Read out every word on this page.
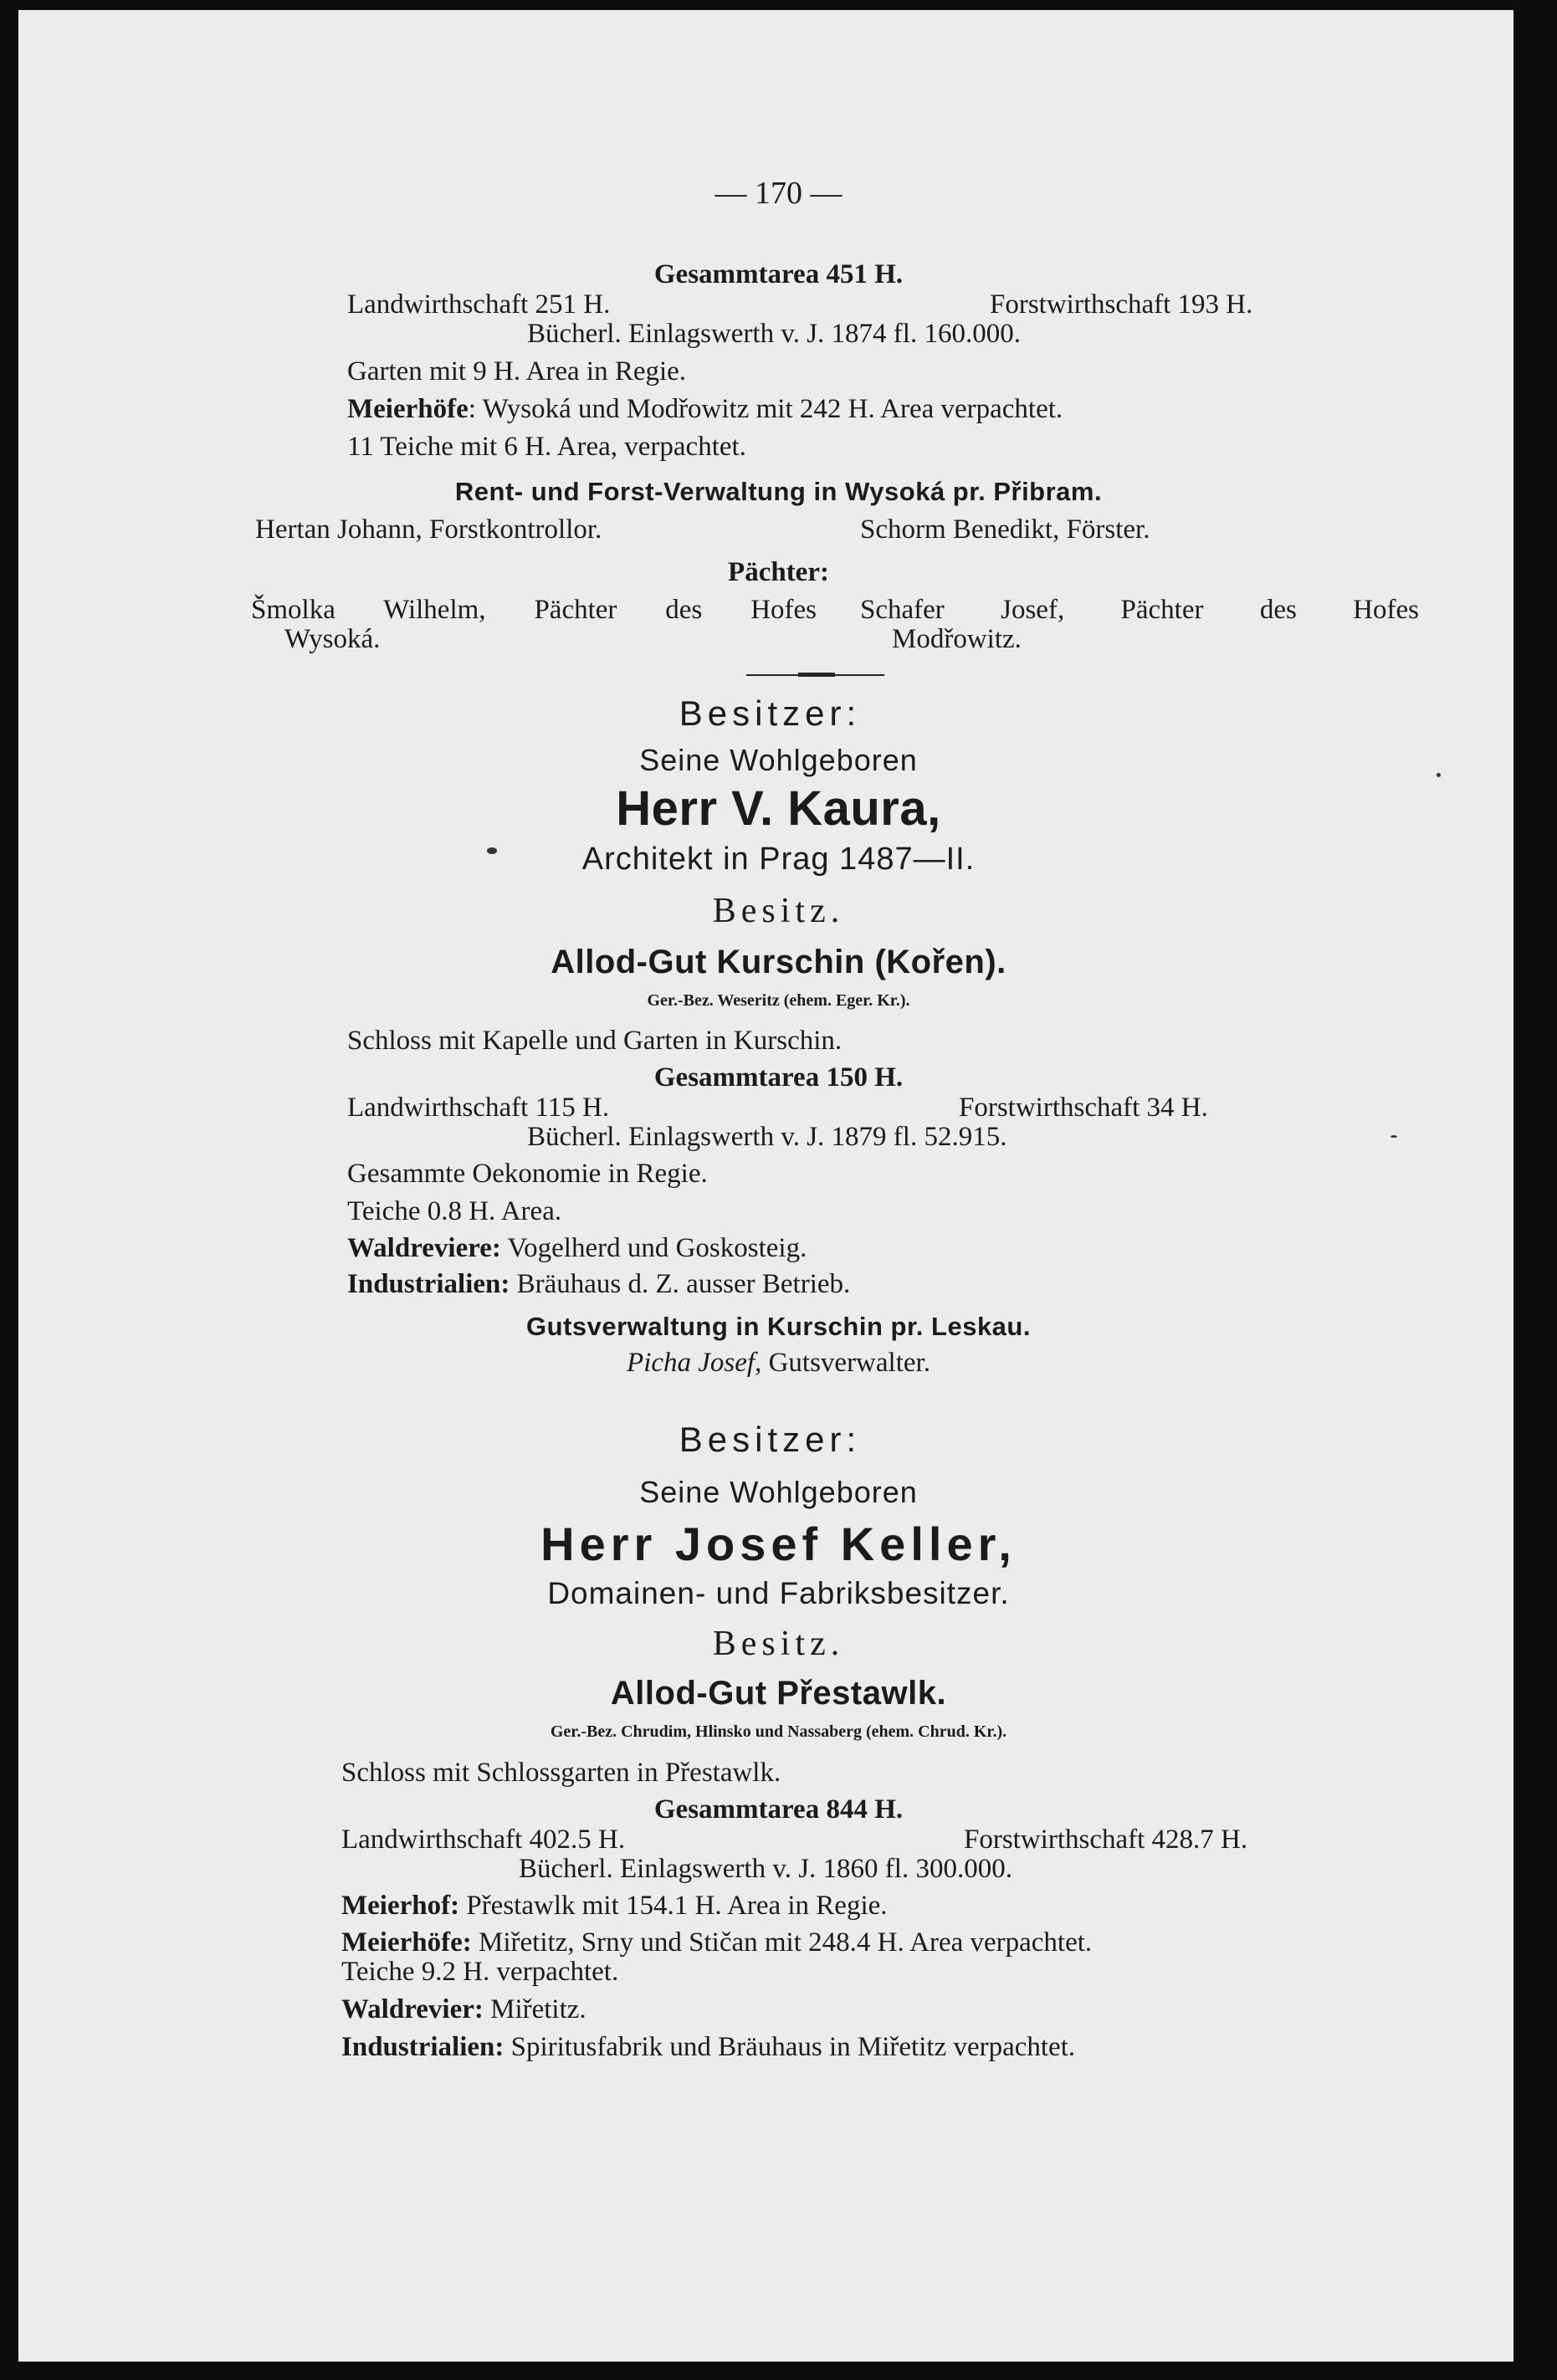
— 170 —
Gesammtarea 451 H.
Landwirthschaft 251 H.	Forstwirthschaft 193 H.
Bücherl. Einlagswerth v. J. 1874 fl. 160.000.
Garten mit 9 H. Area in Regie.
Meierhöfe: Wysoká und Modřowitz mit 242 H. Area verpachtet.
11 Teiche mit 6 H. Area, verpachtet.
Rent- und Forst-Verwaltung in Wysoká pr. Přibram.
Hertan Johann, Forstkontrollor.	Schorm Benedikt, Förster.
Pächter:
Šmolka Wilhelm, Pächter des Hofes
Wysoká.
Schafer Josef, Pächter des Hofes
Modřowitz.
Besitzer:
Seine Wohlgeboren
Herr V. Kaura,
Architekt in Prag 1487—II.
Besitz.
Allod-Gut Kurschin (Kořen).
Ger.-Bez. Weseritz (ehem. Eger. Kr.).
Schloss mit Kapelle und Garten in Kurschin.
Gesammtarea 150 H.
Landwirthschaft 115 H.	Forstwirthschaft 34 H.
Bücherl. Einlagswerth v. J. 1879 fl. 52.915.
Gesammte Oekonomie in Regie.
Teiche 0.8 H. Area.
Waldreviere: Vogelherd und Goskosteig.
Industrialien: Bräuhaus d. Z. ausser Betrieb.
Gutsverwaltung in Kurschin pr. Leskau.
Picha Josef, Gutsverwalter.
Besitzer:
Seine Wohlgeboren
Herr Josef Keller,
Domainen- und Fabriksbesitzer.
Besitz.
Allod-Gut Přestawlk.
Ger.-Bez. Chrudim, Hlinsko und Nassaberg (ehem. Chrud. Kr.).
Schloss mit Schlossgarten in Přestawlk.
Gesammtarea 844 H.
Landwirthschaft 402.5 H.	Forstwirthschaft 428.7 H.
Bücherl. Einlagswerth v. J. 1860 fl. 300.000.
Meierhof: Přestawlk mit 154.1 H. Area in Regie.
Meierhöfe: Miřetitz, Srny und Stičan mit 248.4 H. Area verpachtet.
Teiche 9.2 H. verpachtet.
Waldrevier: Miřetitz.
Industrialien: Spiritusfabrik und Bräuhaus in Miřetitz verpachtet.
